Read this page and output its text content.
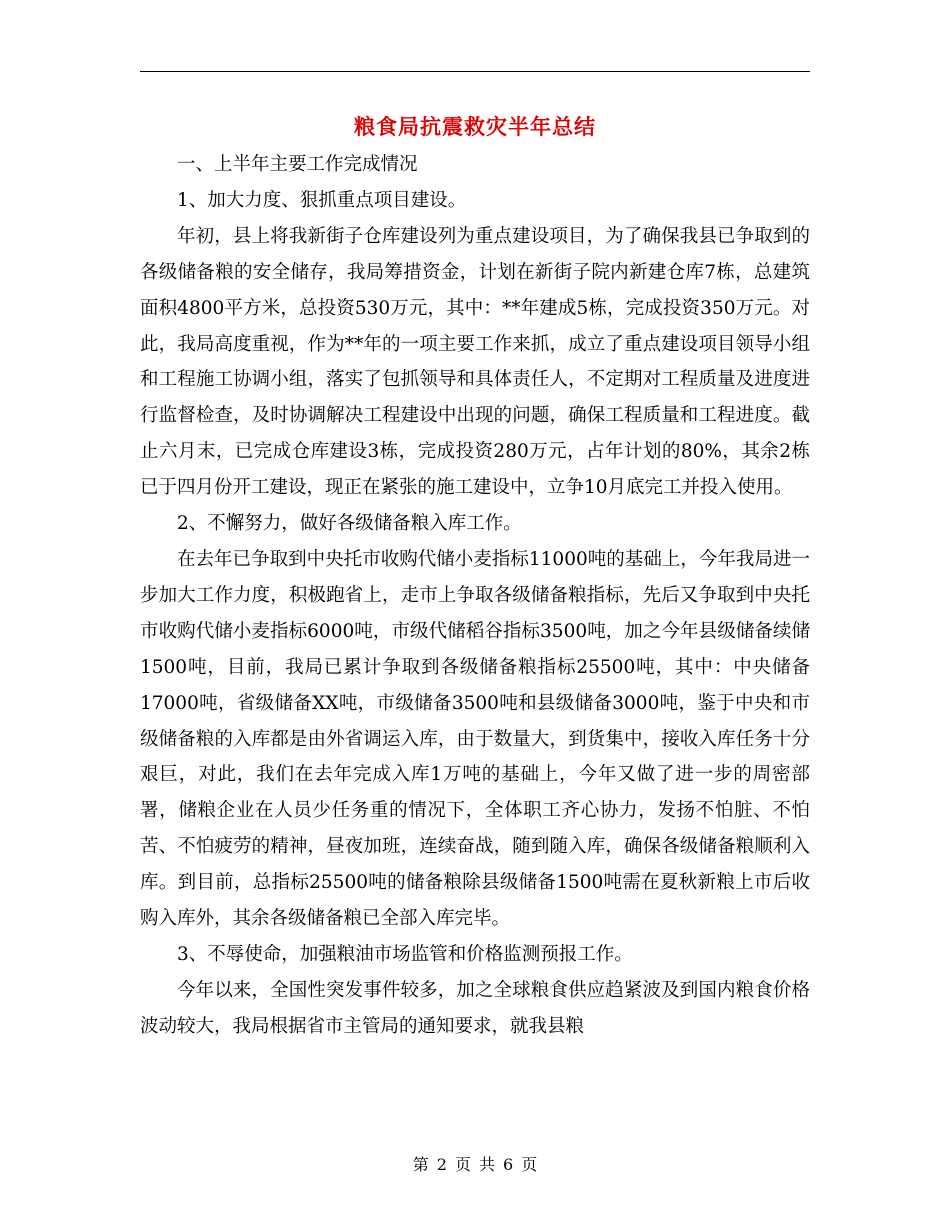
粮食局抗震救灾半年总结

一、上半年主要工作完成情况

1、加大力度、狠抓重点项目建设。

年初，县上将我新街子仓库建设列为重点建设项目，为了确保我县已争取到的各级储备粮的安全储存，我局筹措资金，计划在新街子院内新建仓库7栋，总建筑面积4800平方米，总投资530万元，其中：**年建成5栋，完成投资350万元。对此，我局高度重视，作为**年的一项主要工作来抓，成立了重点建设项目领导小组和工程施工协调小组，落实了包抓领导和具体责任人，不定期对工程质量及进度进行监督检查，及时协调解决工程建设中出现的问题，确保工程质量和工程进度。截止六月末，已完成仓库建设3栋，完成投资280万元，占年计划的80%，其余2栋已于四月份开工建设，现正在紧张的施工建设中，立争10月底完工并投入使用。

2、不懈努力，做好各级储备粮入库工作。

在去年已争取到中央托市收购代储小麦指标11000吨的基础上，今年我局进一步加大工作力度，积极跑省上，走市上争取各级储备粮指标，先后又争取到中央托市收购代储小麦指标6000吨，市级代储稻谷指标3500吨，加之今年县级储备续储1500吨，目前，我局已累计争取到各级储备粮指标25500吨，其中：中央储备17000吨，省级储备XX吨，市级储备3500吨和县级储备3000吨，鉴于中央和市级储备粮的入库都是由外省调运入库，由于数量大，到货集中，接收入库任务十分艰巨，对此，我们在去年完成入库1万吨的基础上，今年又做了进一步的周密部署，储粮企业在人员少任务重的情况下，全体职工齐心协力，发扬不怕脏、不怕苦、不怕疲劳的精神，昼夜加班，连续奋战，随到随入库，确保各级储备粮顺利入库。到目前，总指标25500吨的储备粮除县级储备1500吨需在夏秋新粮上市后收购入库外，其余各级储备粮已全部入库完毕。

3、不辱使命，加强粮油市场监管和价格监测预报工作。

今年以来，全国性突发事件较多，加之全球粮食供应趋紧波及到国内粮食价格波动较大，我局根据省市主管局的通知要求，就我县粮

第 2 页 共 6 页
